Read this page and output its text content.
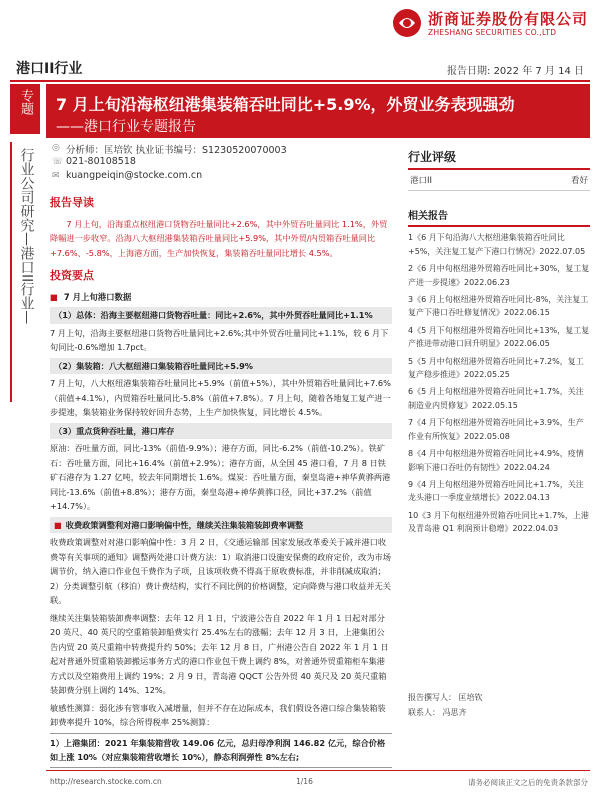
浙商证券股份有限公司
ZHESHANG SECURITIES CO.,LTD
港口II行业	报告日期: 2022 年 7 月 14 日
专题
行业公司研究—港口II行业—
7 月上旬沿海枢纽港集装箱吞吐同比+5.9%，外贸业务表现强劲
——港口行业专题报告
◎ 分析师：匡培钦 执业证书编号：S1230520070003
☏ 021-80108518
✉ kuangpeiqin@stocke.com.cn
报告导读
7 月上旬，沿海重点枢纽港口货物吞吐量同比+2.6%，其中外贸吞吐量同比 1.1%，外贸降幅进一步收窄。沿海八大枢纽港集装箱吞吐量同比+5.9%，其中外贸/内贸箱吞吐量同比+7.6%、-5.8%，上海港方面，生产加快恢复，集装箱吞吐量同比增长 4.5%。
投资要点
■ 7 月上旬港口数据
（1）总体：沿海主要枢纽港口货物吞吐量：同比+2.6%，其中外贸吞吐量同比+1.1%
7 月上旬，沿海主要枢纽港口货物吞吐量同比+2.6%;其中外贸吞吐量同比+1.1%，较 6 月下旬同比-0.6%增加 1.7pct。
（2）集装箱：八大枢纽港口集装箱吞吐量同比+5.9%
7 月上旬，八大枢纽港集装箱吞吐量同比+5.9%（前值+5%），其中外贸箱吞吐量同比+7.6%（前值+4.1%），内贸箱吞吐量同比-5.8%（前值+7.8%）。7 月上旬，随着各地复工复产进一步提速，集装箱业务保持较好回升态势，上生产加快恢复，同比增长 4.5%。
（3）重点货种吞吐量，港口库存
原油：吞吐量方面，同比-13%（前值-9.9%）；港存方面，同比-6.2%（前值-10.2%）。铁矿石：吞吐量方面，同比+16.4%（前值+2.9%）；港存方面，从全国 45 港口看，7 月 8 日铁矿石港存为 1.27 亿吨，较去年同期增长 1.6%。煤炭：吞吐量方面，秦皇岛港+神华黄骅两港同比-13.6%（前值+8.8%）；港存方面，秦皇岛港+神华黄骅口径，同比+37.2%（前值+14.7%）。
■ 收费政策调整利对港口影响偏中性，继续关注集装箱装卸费率调整
收费政策调整对对港口影响偏中性：3 月 2 日，《交通运输部 国家发展改革委关于减并港口收费等有关事项的通知》调整两处港口计费方法：1）取消港口设施安保费的政府定价，改为市场调节价，纳入港口作业包干费作为子项，且该项收费不得高于原收费标准，并非削减成取消；2）分类调整引航（移泊）费计费结构，实行不同比例的价格调整，定向降费与港口收益并无关联。
继续关注集装箱装卸费率调整：去年 12 月 1 日，宁波港公告自 2022 年 1 月 1 日起对部分 20 英尺、40 英尺的空重箱装卸船费实行 25.4%左右的涨幅；去年 12 月 3 日，上港集团公告内贸 20 英尺重箱中转费提升约 50%；去年 12 月 8 日，广州港公告自 2022 年 1 月 1 日起对普通外贸重箱装卸搬运事务方式的港口作业包干费上调约 8%，对普通外贸重箱柜车集港方式以及空箱费用上调约 19%；2 月 9 日，青岛港 QQCT 公告外贸 40 英尺及 20 英尺重箱装卸费分别上调约 14%、12%。
敏感性测算：弱化涉有管事收入减增量，但并不存在边际成本，我们假设各港口综合集装箱装卸费率提升 10%，综合所得税率 25%测算：
1）上港集团：2021 年集装箱营收 149.06 亿元，总归母净利润 146.82 亿元，综合价格如上涨 10%（对应集装箱营收增长 10%），静态利润弹性 8%左右;
行业评级
港口II	看好
相关报告
1《6 月下旬沿海八大枢纽港集装箱吞吐同比+5%，关注复工复产下港口行情况》2022.07.05
2《6 月中旬枢纽港外贸箱吞吐同比+30%，复工复产进一步提速》2022.06.23
3《6 月上旬枢纽港外贸箱吞吐同比-8%，关注复工复产下港口吞吐修复情况》2022.06.15
4《5 月下旬枢纽港外贸箱吞吐同比+13%，复工复产推进带动港口回升明显》2022.06.05
5《5 月中旬枢纽港外贸箱吞吐同比+7.2%，复工复产稳步推进》2022.05.25
6《5 月上旬枢纽港外贸箱吞吐同比+1.7%，关注制造业内贸修复》2022.05.15
7《4 月下旬枢纽港外贸箱吞吐同比+3.9%，生产作业有所恢复》2022.05.08
8《4 月中旬枢纽港外贸箱吞吐同比+4.9%，疫情影响下港口吞吐仍有韧性》2022.04.24
9《4 月上旬枢纽港外贸箱吞吐同比+1.7%，关注龙头港口一季度业绩增长》2022.04.13
10《3 月下旬枢纽港外贸箱吞吐同比+1.7%，上港及青岛港 Q1 利润预计稳增》2022.04.03
报告撰写人： 匡培钦
联系人： 冯思齐
http://research.stocke.com.cn	1/16	请务必阅读正文之后的免责条款部分
